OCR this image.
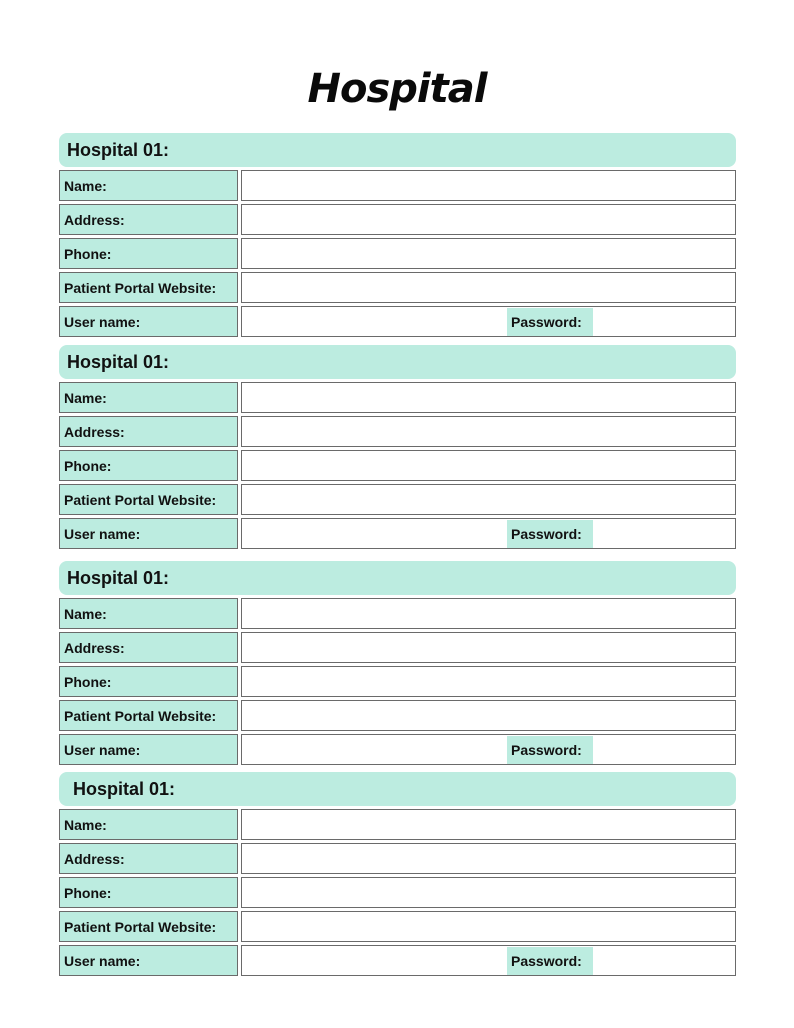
Hospital
Hospital 01:
Name:
Address:
Phone:
Patient Portal Website:
User name:	Password:
Hospital 01:
Name:
Address:
Phone:
Patient Portal Website:
User name:	Password:
Hospital 01:
Name:
Address:
Phone:
Patient Portal Website:
User name:	Password:
Hospital 01:
Name:
Address:
Phone:
Patient Portal Website:
User name:	Password:
